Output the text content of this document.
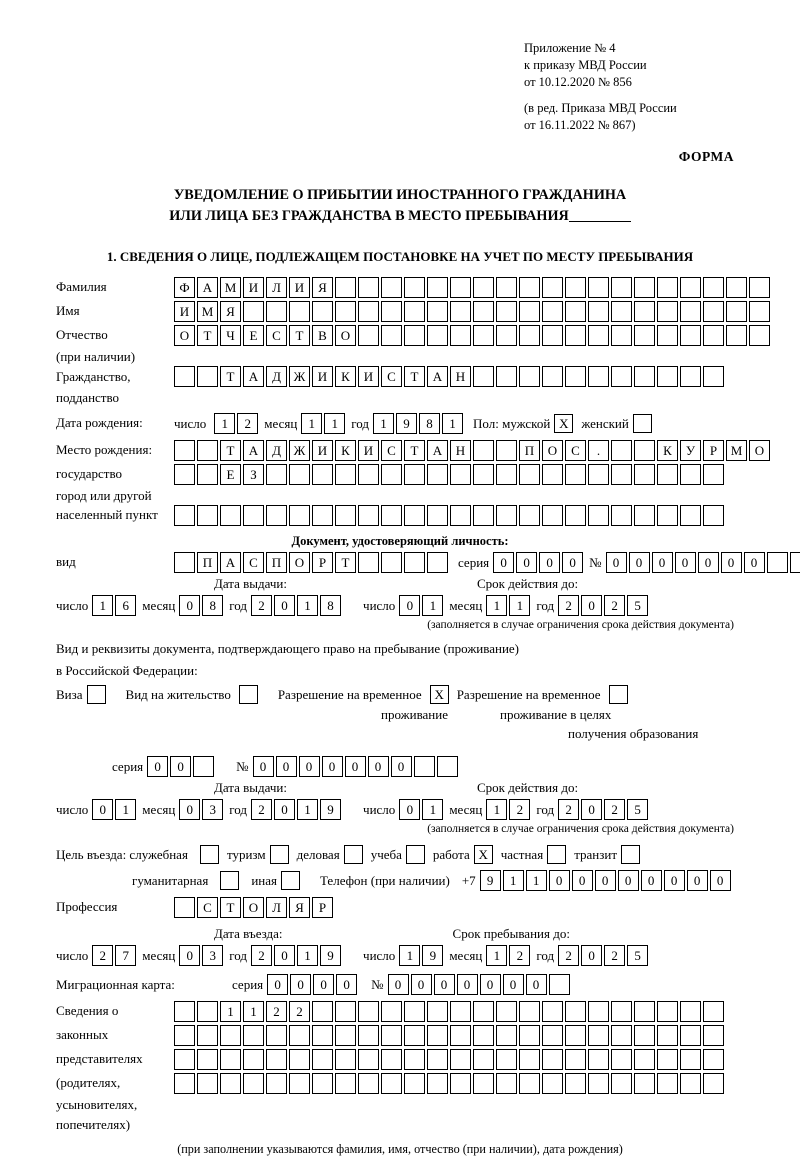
Приложение № 4
к приказу МВД России
от 10.12.2020 № 856
(в ред. Приказа МВД России
от 16.11.2022 № 867)
ФОРМА
УВЕДОМЛЕНИЕ О ПРИБЫТИИ ИНОСТРАННОГО ГРАЖДАНИНА
ИЛИ ЛИЦА БЕЗ ГРАЖДАНСТВА В МЕСТО ПРЕБЫВАНИЯ
1. СВЕДЕНИЯ О ЛИЦЕ, ПОДЛЕЖАЩЕМ ПОСТАНОВКЕ НА УЧЕТ ПО МЕСТУ ПРЕБЫВАНИЯ
Фамилия	Ф	А М И	Л	И	Я
Имя	И М Я
Отчество	О	Т	Ч	Е	С	Т	В	О
(при наличии)
Гражданство,	Т	А	Д Ж И	К	И	С	Т	А	Н
подданство
Дата рождения:	число	1	2	месяц 1	1	год 1	9	8	1	Пол: мужской X женский
Место рождения:	Т	А	Д Ж И	К	И	С	Т	А	Н	П	О	С	.	К	У	Р	М О
государство	Е	З
город или другой
населенный пункт
Документ, удостоверяющий личность:
вид	П	А	С	П	О	Р	Т	серия 0	0	0	0	№ 0	0	0	0	0	0	0
Дата выдачи:	Срок действия до:
число 1	6	месяц 0	8	год 2	0	1	8	число 0	1	месяц 1	1	год 2	0	2	5
(заполняется в случае ограничения срока действия документа)
Вид и реквизиты документа, подтверждающего право на пребывание (проживание)
в Российской Федерации:
Виза	Вид на жительство	Разрешение на временное X Разрешение на временное
проживание	проживание в целях
получения образования
серия 0	0	№ 0	0	0	0	0	0	0
Дата выдачи:	Срок действия до:
число 0	1	месяц 0	3	год 2	0	1	9	число 0	1	месяц 1	2	год 2	0	2	5
(заполняется в случае ограничения срока действия документа)
Цель въезда: служебная	туризм деловая учеба работа X частная транзит
гуманитарная	иная	Телефон (при наличии) +7 9	1	1	0	0	0	0	0	0	0	0
Профессия	С	Т	О	Л	Я	Р
Дата въезда:	Срок пребывания до:
число 2	7	месяц 0	3	год 2	0	1	9	число 1	9	месяц 1	2	год 2	0	2	5
Миграционная карта:	серия 0	0	0	0	№ 0	0	0	0	0	0	0
Сведения о	1	1	2	2
законных
представителях
(родителях,
усыновителях,
попечителях)
(при заполнении указываются фамилия, имя, отчество (при наличии), дата рождения)
